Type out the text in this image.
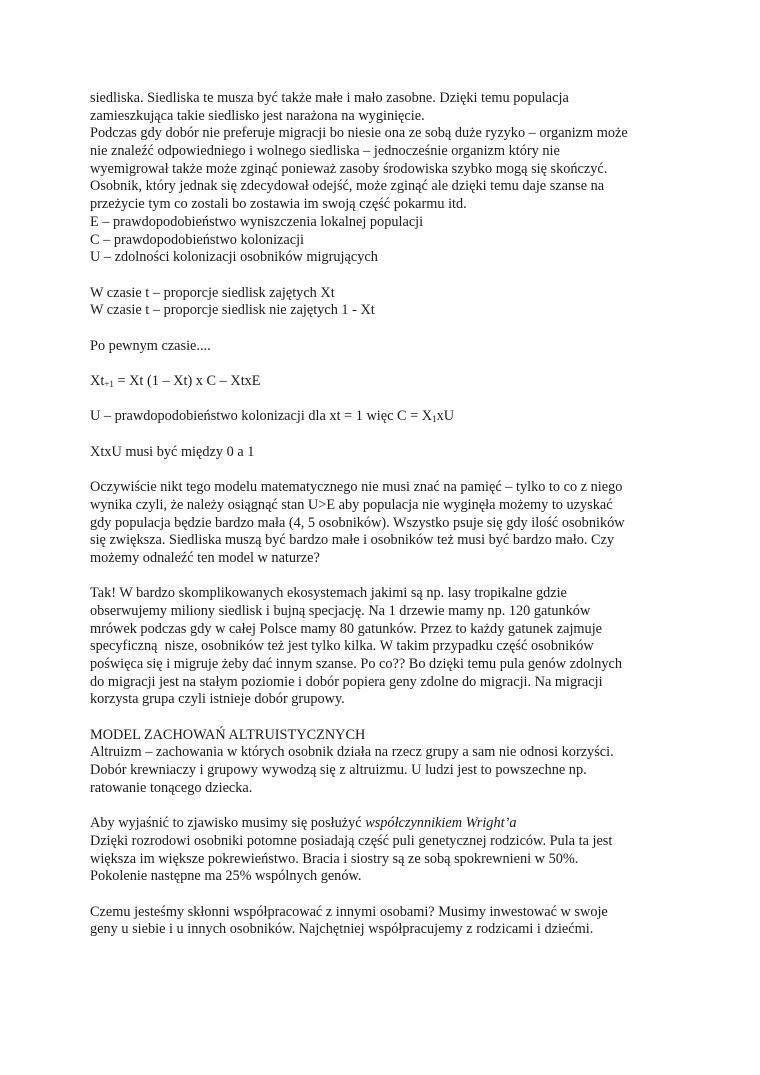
siedliska. Siedliska te musza być także małe i mało zasobne. Dzięki temu populacja
zamieszkująca takie siedlisko jest narażona na wyginięcie.
Podczas gdy dobór nie preferuje migracji bo niesie ona ze sobą duże ryzyko – organizm może
nie znaleźć odpowiedniego i wolnego siedliska – jednocześnie organizm który nie
wyemigrował także może zginąć ponieważ zasoby środowiska szybko mogą się skończyć.
Osobnik, który jednak się zdecydował odejść, może zginąć ale dzięki temu daje szanse na
przeżycie tym co zostali bo zostawia im swoją część pokarmu itd.
E – prawdopodobieństwo wyniszczenia lokalnej populacji
C – prawdopodobieństwo kolonizacji
U – zdolności kolonizacji osobników migrujących
W czasie t – proporcje siedlisk zajętych Xt
W czasie t – proporcje siedlisk nie zajętych 1 - Xt
Po pewnym czasie....
Xt+1 = Xt (1 – Xt) x C – XtxE
U – prawdopodobieństwo kolonizacji dla xt = 1 więc C = X1xU
XtxU musi być między 0 a 1
Oczywiście nikt tego modelu matematycznego nie musi znać na pamięć – tylko to co z niego
wynika czyli, że należy osiągnąć stan U>E aby populacja nie wyginęła możemy to uzyskać
gdy populacja będzie bardzo mała (4, 5 osobników). Wszystko psuje się gdy ilość osobników
się zwiększa. Siedliska muszą być bardzo małe i osobników też musi być bardzo mało. Czy
możemy odnaleźć ten model w naturze?
Tak! W bardzo skomplikowanych ekosystemach jakimi są np. lasy tropikalne gdzie
obserwujemy miliony siedlisk i bujną specjację. Na 1 drzewie mamy np. 120 gatunków
mrówek podczas gdy w całej Polsce mamy 80 gatunków. Przez to każdy gatunek zajmuje
specyficzną  nisze, osobników też jest tylko kilka. W takim przypadku część osobników
poświęca się i migruje żeby dać innym szanse. Po co?? Bo dzięki temu pula genów zdolnych
do migracji jest na stałym poziomie i dobór popiera geny zdolne do migracji. Na migracji
korzysta grupa czyli istnieje dobór grupowy.
MODEL ZACHOWAŃ ALTRUISTYCZNYCH
Altruizm – zachowania w których osobnik działa na rzecz grupy a sam nie odnosi korzyści.
Dobór krewniaczy i grupowy wywodzą się z altruizmu. U ludzi jest to powszechne np.
ratowanie tonącego dziecka.
Aby wyjaśnić to zjawisko musimy się posłużyć współczynnikiem Wright’a
Dzięki rozrodowi osobniki potomne posiadają część puli genetycznej rodziców. Pula ta jest
większa im większe pokrewieństwo. Bracia i siostry są ze sobą spokrewnieni w 50%.
Pokolenie następne ma 25% wspólnych genów.
Czemu jesteśmy skłonni współpracować z innymi osobami? Musimy inwestować w swoje
geny u siebie i u innych osobników. Najchętniej współpracujemy z rodzicami i dziećmi.
